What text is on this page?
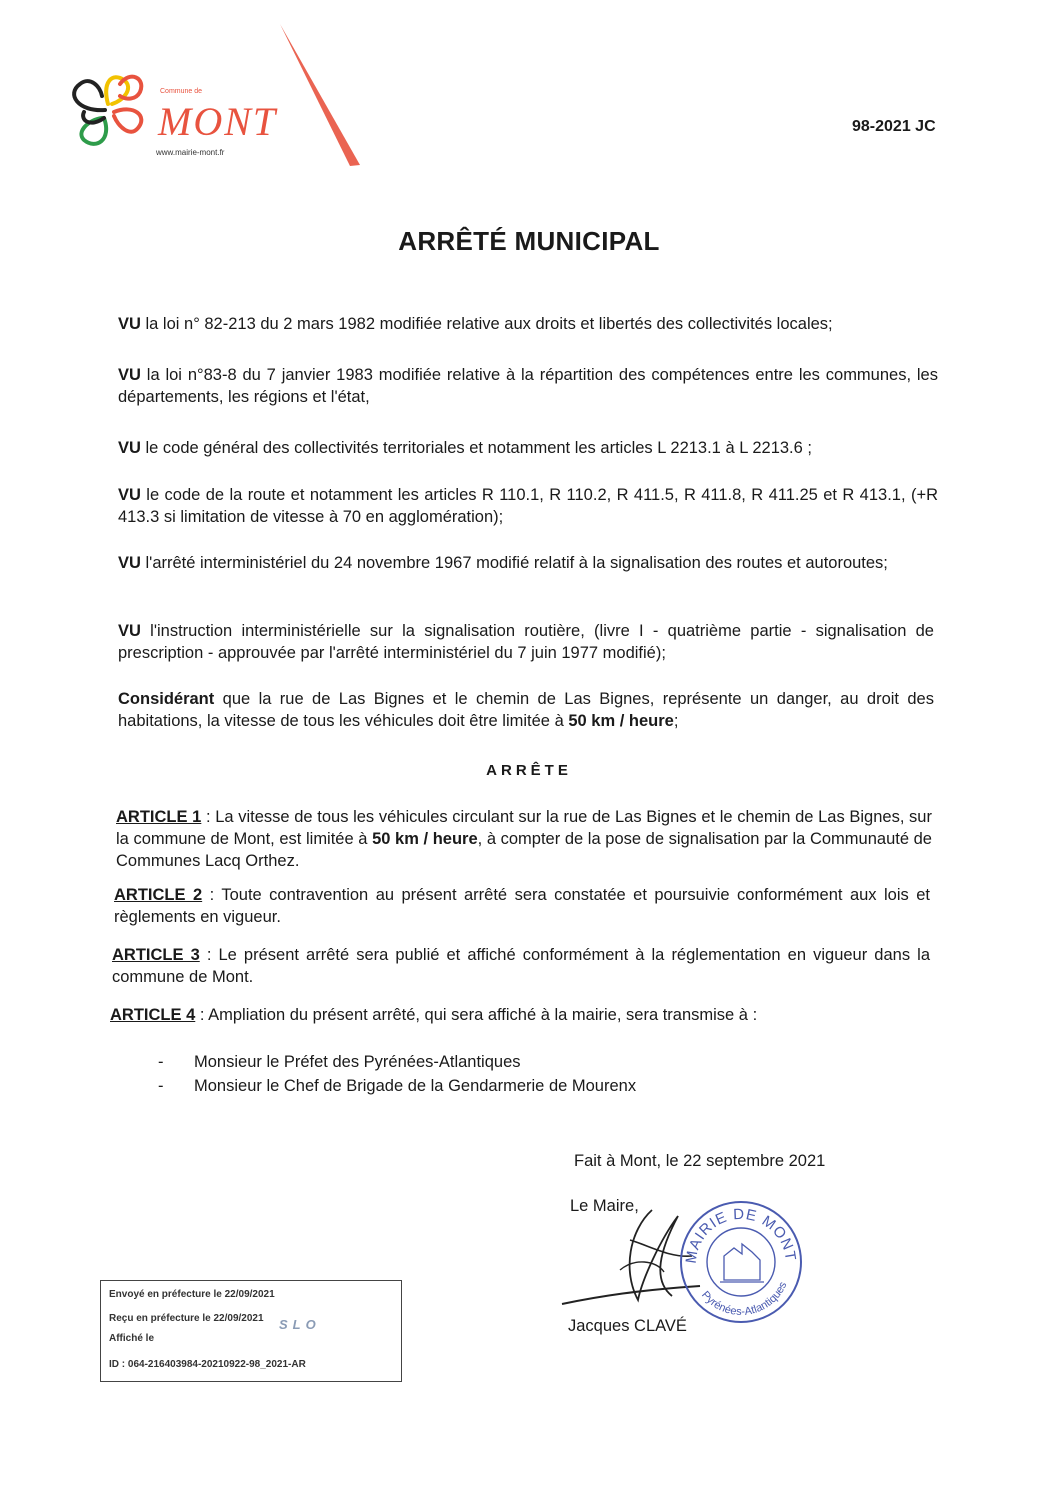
Commune de
MONT
www.mairie-mont.fr
98-2021 JC
ARRÊTÉ MUNICIPAL
VU la loi n° 82-213 du 2 mars 1982 modifiée relative aux droits et libertés des collectivités locales;
VU la loi n°83-8 du 7 janvier 1983 modifiée relative à la répartition des compétences entre les communes, les départements, les régions et l'état,
VU le code général des collectivités territoriales et notamment les articles L 2213.1 à L 2213.6 ;
VU le code de la route et notamment les articles R 110.1, R 110.2, R 411.5, R 411.8, R 411.25 et R 413.1, (+R 413.3 si limitation de vitesse à 70 en agglomération);
VU l'arrêté interministériel du 24 novembre 1967 modifié relatif à la signalisation des routes et autoroutes;
VU l'instruction interministérielle sur la signalisation routière, (livre I - quatrième partie - signalisation de prescription - approuvée par l'arrêté interministériel du 7 juin 1977 modifié);
Considérant que la rue de Las Bignes et le chemin de Las Bignes, représente un danger, au droit des habitations, la vitesse de tous les véhicules doit être limitée à 50 km / heure;
ARRÊTE
ARTICLE 1 : La vitesse de tous les véhicules circulant sur la rue de Las Bignes et le chemin de Las Bignes, sur la commune de Mont, est limitée à 50 km / heure, à compter de la pose de signalisation par la Communauté de Communes Lacq Orthez.
ARTICLE 2 : Toute contravention au présent arrêté sera constatée et poursuivie conformément aux lois et règlements en vigueur.
ARTICLE 3 : Le présent arrêté sera publié et affiché conformément à la réglementation en vigueur dans la commune de Mont.
ARTICLE 4 : Ampliation du présent arrêté, qui sera affiché à la mairie, sera transmise à :
- Monsieur le Préfet des Pyrénées-Atlantiques
- Monsieur le Chef de Brigade de la Gendarmerie de Mourenx
Fait à Mont, le 22 septembre 2021
Le Maire,
MAIRIE DE MONT
Pyrénées-Atlantiques
Jacques CLAVÉ
Envoyé en préfecture le 22/09/2021
Reçu en préfecture le 22/09/2021
Affiché le
SLO
ID : 064-216403984-20210922-98_2021-AR
